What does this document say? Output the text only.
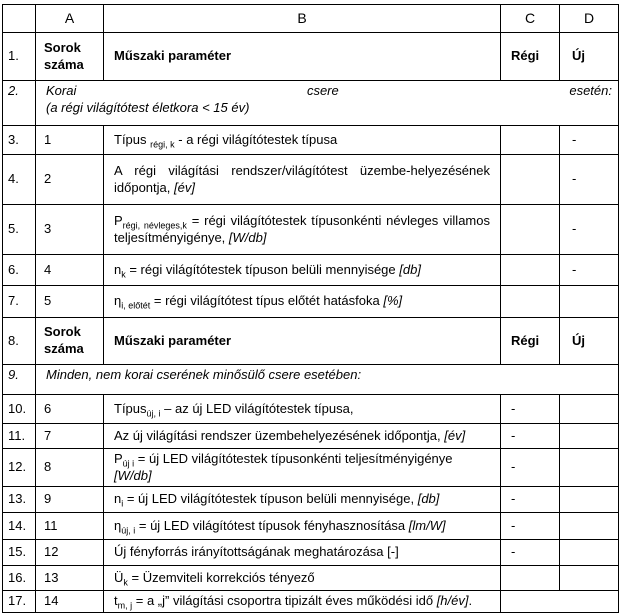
	A	B	C	D
1.	Sorok száma	Műszaki paraméter	Régi	Új
2.	Korai csere esetén:
(a régi világítótest életkora < 15 év)			

3.	1	Típus $_{régi, k}$ - a régi világítótestek típusa		-
4.	2	A régi világítási rendszer/világítótest üzembe-helyezésének időpontja, [év]		-
5.	3	$P_{régi, névleges,k}$ = régi világítótestek típusonkénti névleges villamos teljesítményigénye, [W/db]		-
6.	4	$n_k$ = régi világítótestek típuson belüli mennyisége [db]		-
7.	5	$\eta_{i, előtét}$ = régi világítótest típus előtét hatásfoka [%]		
8.	Sorok száma	Műszaki paraméter	Régi	Új
9.	Minden, nem korai cserének minősülő csere esetében:			

10.	6	Típus$_{új, i}$ – az új LED világítótestek típusa,	-	
11.	7	Az új világítási rendszer üzembehelyezésének időpontja, [év]	-	
12.	8	$P_{új i}$ = új LED világítótestek típusonkénti teljesítményigénye [W/db]	-	
13.	9	$n_i$ = új LED világítótestek típuson belüli mennyisége, [db]	-	
14.	11	$\eta_{új, i}$ = új LED világítótest típusok fényhasznosítása [lm/W]	-	
15.	12	Új fényforrás irányítottságának meghatározása [-]	-	
16.	13	$Ü_k$ = Üzemviteli korrekciós tényező		
17.	14	$t_{m, j} = a$ „j” világítási csoportra tipizált éves működési idő [h/év].		
